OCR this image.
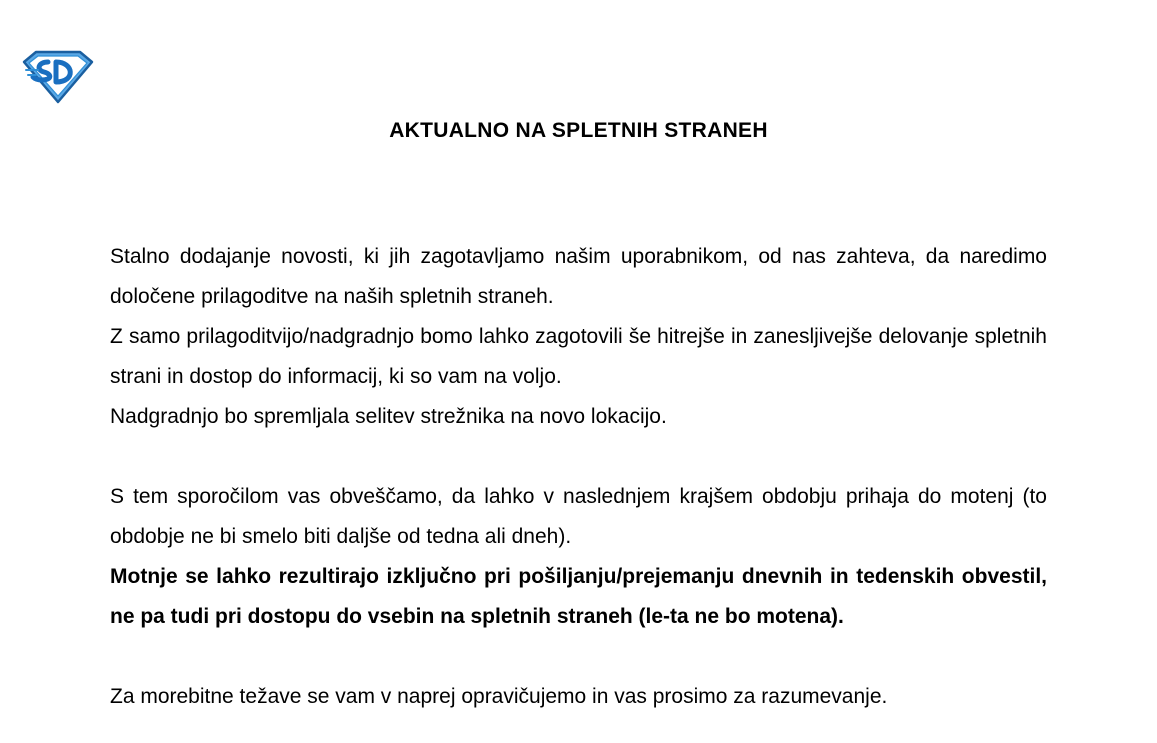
AKTUALNO NA SPLETNIH STRANEH

Stalno dodajanje novosti, ki jih zagotavljamo našim uporabnikom, od nas zahteva, da naredimo določene prilagoditve na naših spletnih straneh.

Z samo prilagoditvijo/nadgradnjo bomo lahko zagotovili še hitrejše in zanesljivejše delovanje spletnih strani in dostop do informacij, ki so vam na voljo.

Nadgradnjo bo spremljala selitev strežnika na novo lokacijo.

S tem sporočilom vas obveščamo, da lahko v naslednjem krajšem obdobju prihaja do motenj (to obdobje ne bi smelo biti daljše od tedna ali dneh).

Motnje se lahko rezultirajo izključno pri pošiljanju/prejemanju dnevnih in tedenskih obvestil, ne pa tudi pri dostopu do vsebin na spletnih straneh (le-ta ne bo motena).

Za morebitne težave se vam v naprej opravičujemo in vas prosimo za razumevanje.
